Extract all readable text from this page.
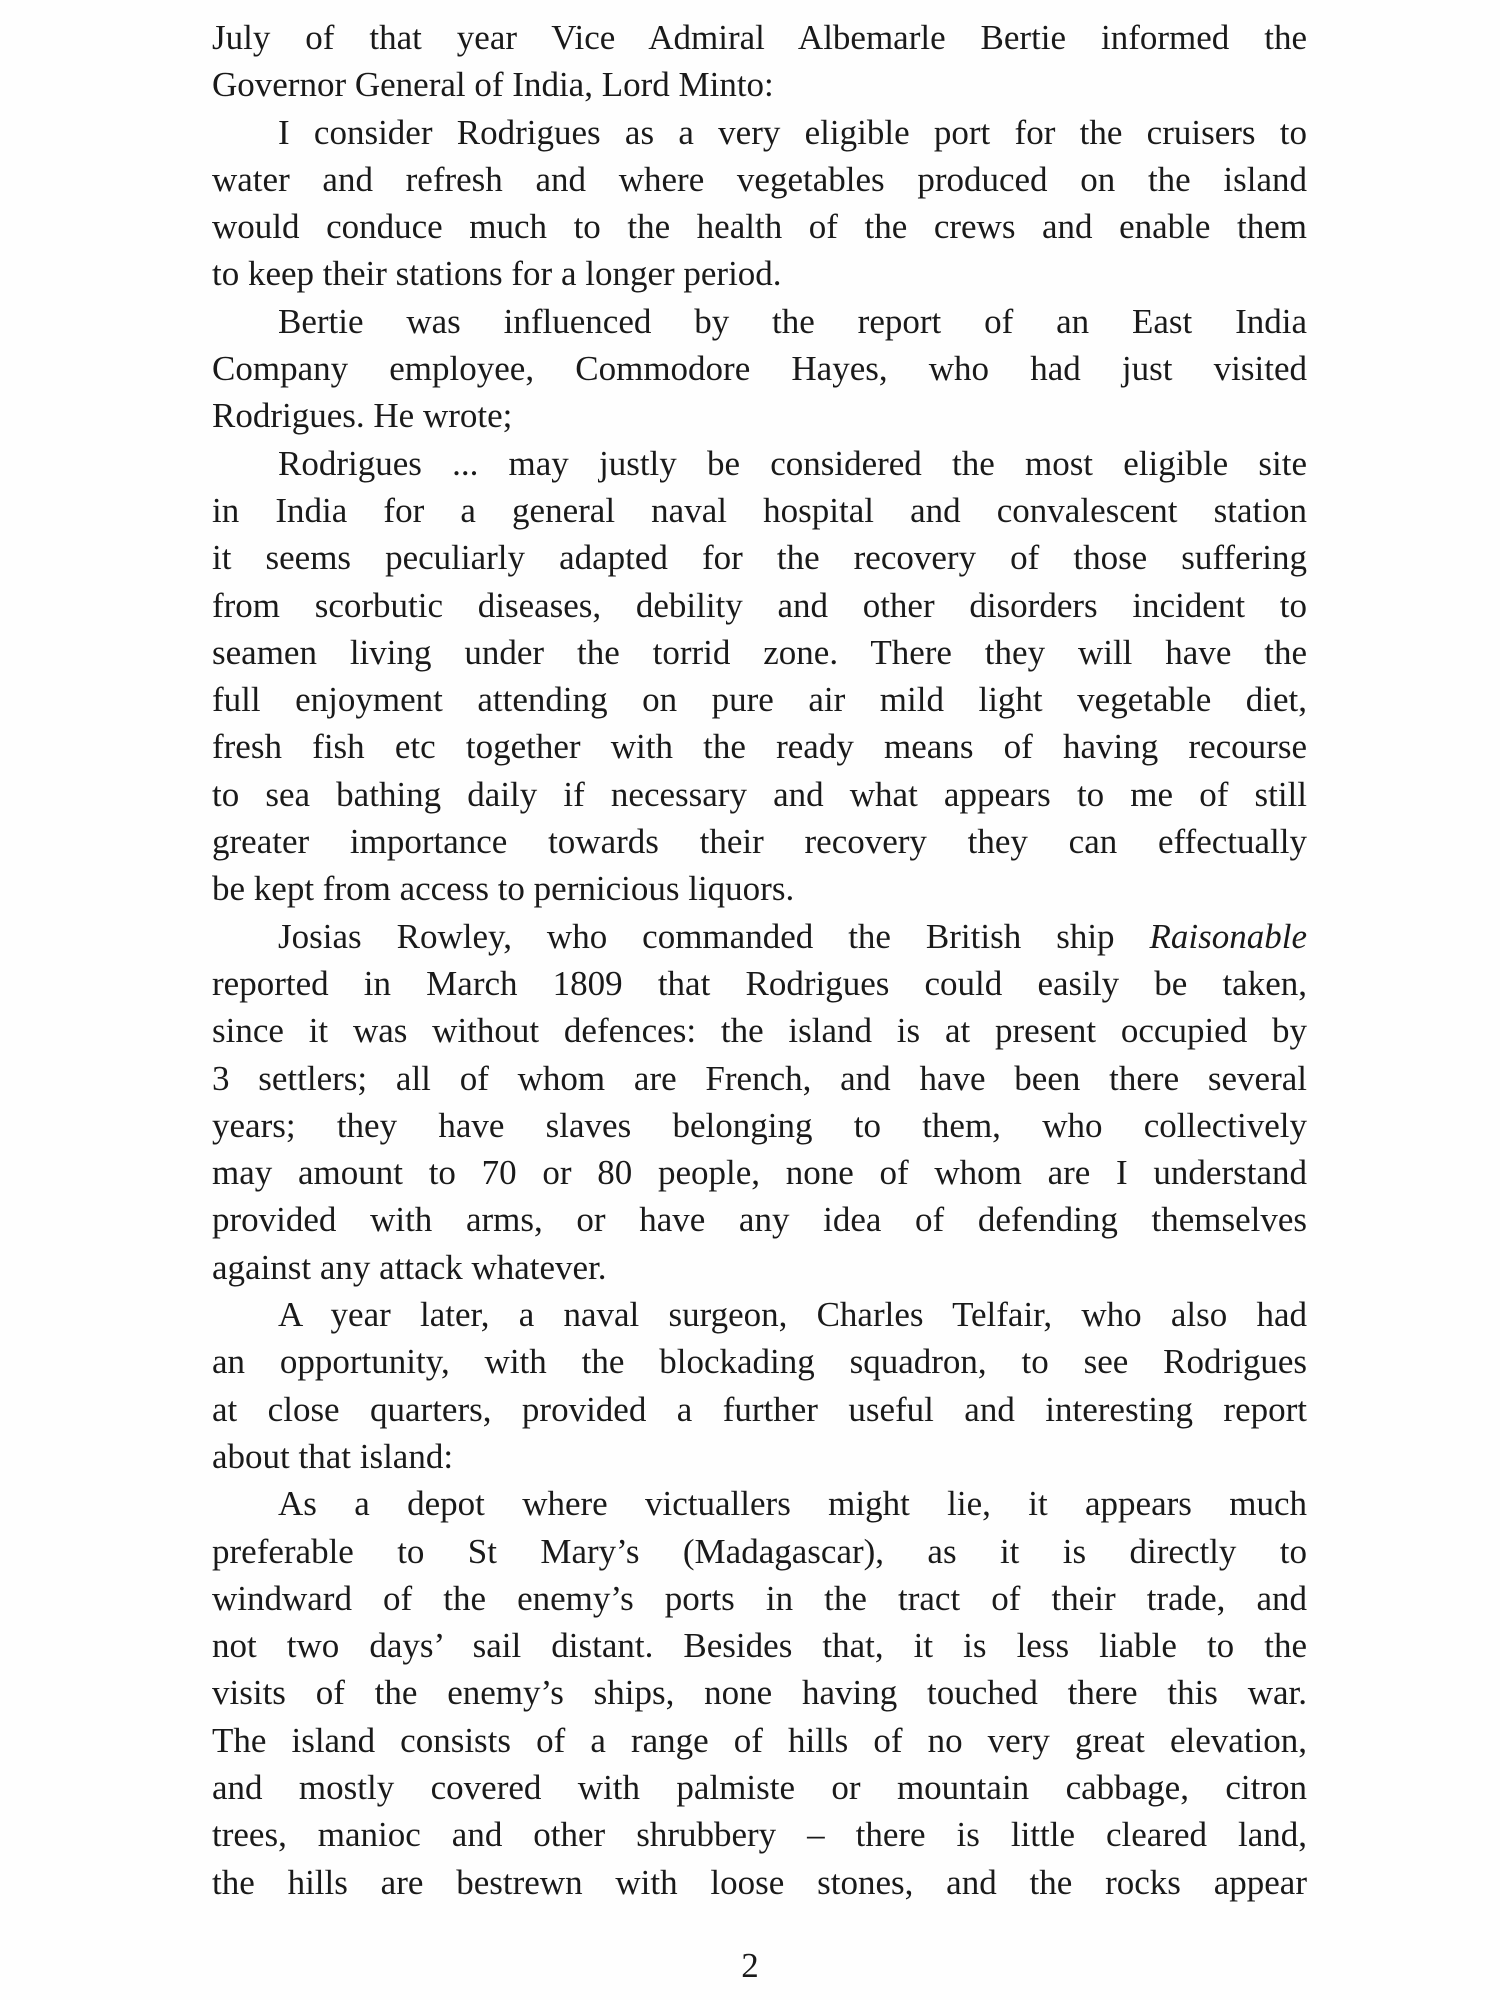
July of that year Vice Admiral Albemarle Bertie informed the
Governor General of India, Lord Minto:
I consider Rodrigues as a very eligible port for the cruisers to
water and refresh and where vegetables produced on the island
would conduce much to the health of the crews and enable them
to keep their stations for a longer period.
Bertie was influenced by the report of an East India
Company employee, Commodore Hayes, who had just visited
Rodrigues. He wrote;
Rodrigues ... may justly be considered the most eligible site
in India for a general naval hospital and convalescent station
it seems peculiarly adapted for the recovery of those suffering
from scorbutic diseases, debility and other disorders incident to
seamen living under the torrid zone. There they will have the
full enjoyment attending on pure air mild light vegetable diet,
fresh fish etc together with the ready means of having recourse
to sea bathing daily if necessary and what appears to me of still
greater importance towards their recovery they can effectually
be kept from access to pernicious liquors.
Josias Rowley, who commanded the British ship Raisonable
reported in March 1809 that Rodrigues could easily be taken,
since it was without defences: the island is at present occupied by
3 settlers; all of whom are French, and have been there several
years; they have slaves belonging to them, who collectively
may amount to 70 or 80 people, none of whom are I understand
provided with arms, or have any idea of defending themselves
against any attack whatever.
A year later, a naval surgeon, Charles Telfair, who also had
an opportunity, with the blockading squadron, to see Rodrigues
at close quarters, provided a further useful and interesting report
about that island:
As a depot where victuallers might lie, it appears much
preferable to St Mary’s (Madagascar), as it is directly to
windward of the enemy’s ports in the tract of their trade, and
not two days’ sail distant. Besides that, it is less liable to the
visits of the enemy’s ships, none having touched there this war.
The island consists of a range of hills of no very great elevation,
and mostly covered with palmiste or mountain cabbage, citron
trees, manioc and other shrubbery – there is little cleared land,
the hills are bestrewn with loose stones, and the rocks appear
2
